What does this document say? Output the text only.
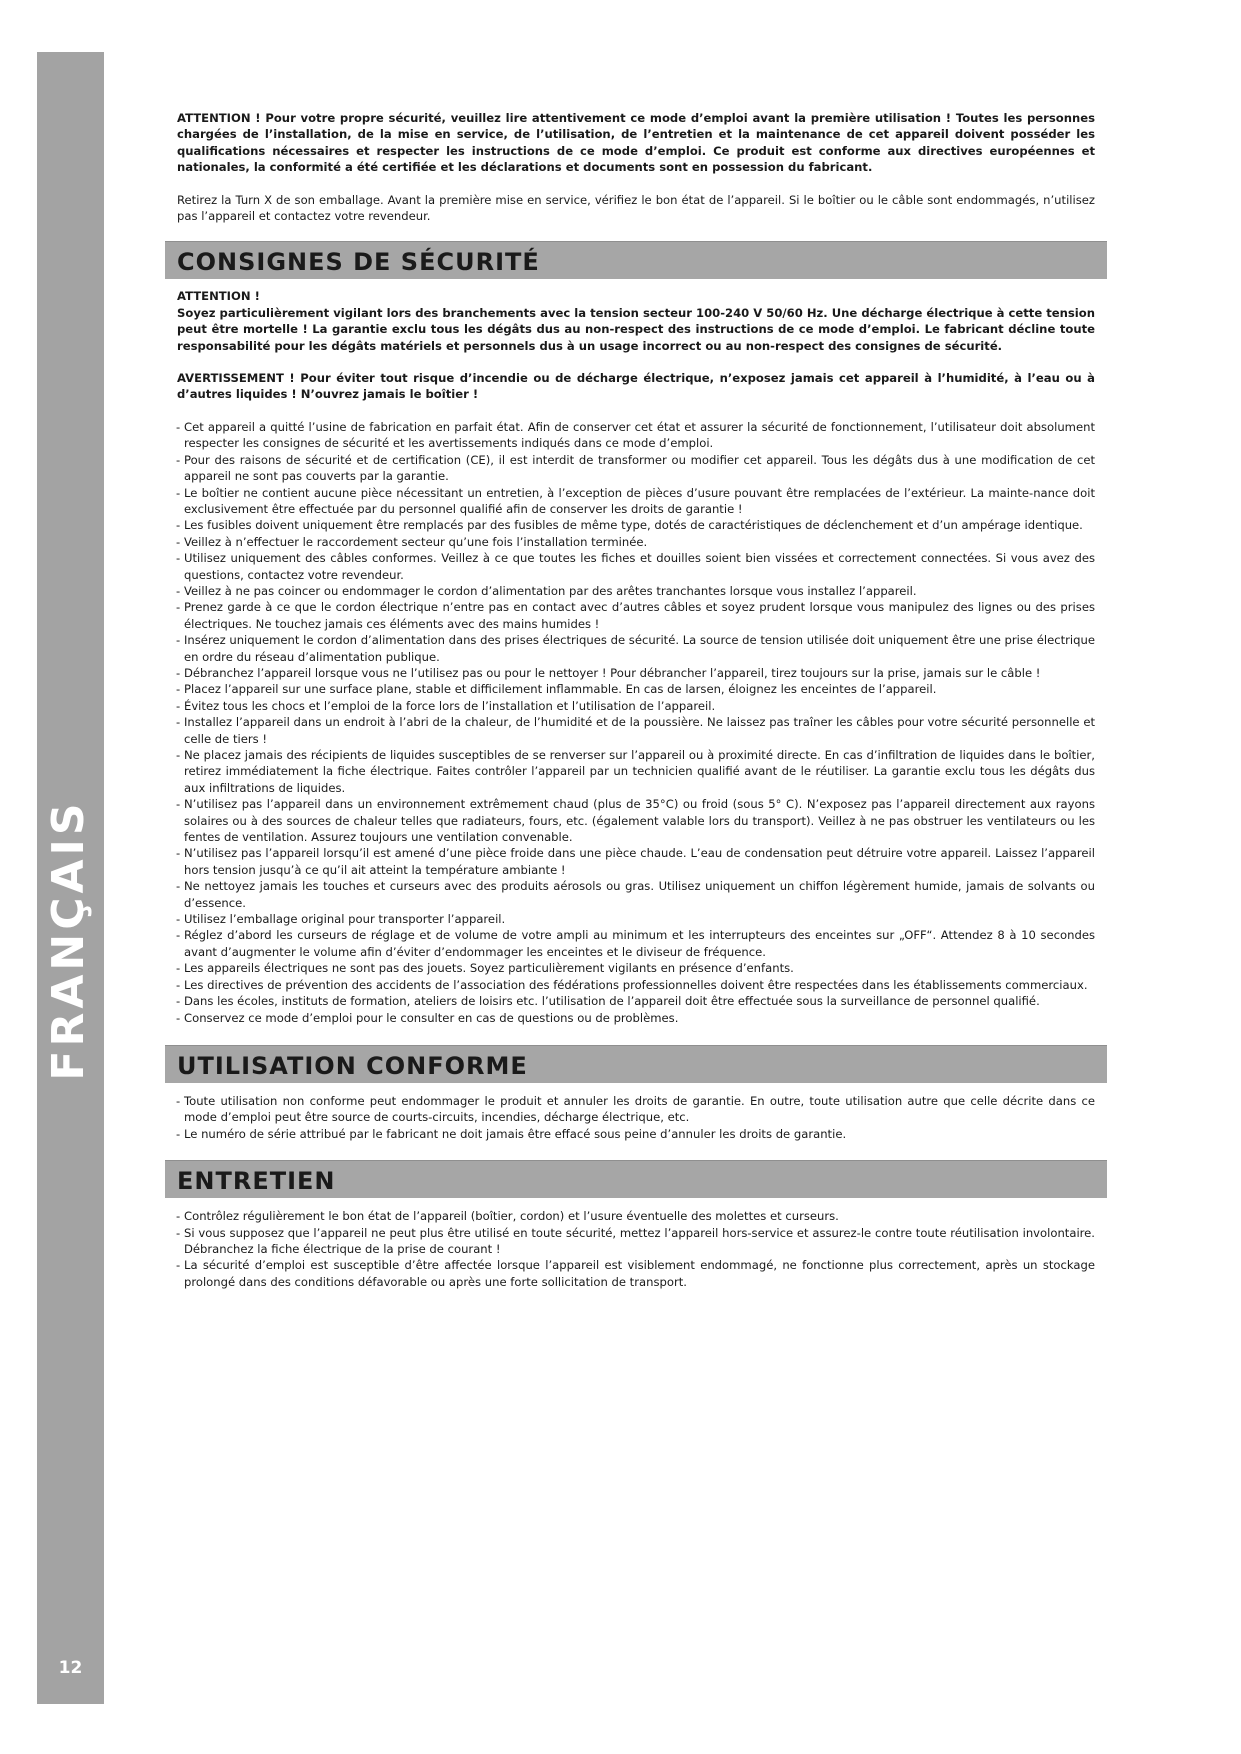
FRANÇAIS
12

ATTENTION ! Pour votre propre sécurité, veuillez lire attentivement ce mode d’emploi avant la première utilisation ! Toutes les personnes chargées de l’installation, de la mise en service, de l’utilisation, de l’entretien et la maintenance de cet appareil doivent posséder les qualifications nécessaires et respecter les instructions de ce mode d’emploi. Ce produit est conforme aux directives européennes et nationales, la conformité a été certifiée et les déclarations et documents sont en possession du fabricant.

Retirez la Turn X de son emballage. Avant la première mise en service, vérifiez le bon état de l’appareil. Si le boîtier ou le câble sont endommagés, n’utilisez pas l’appareil et contactez votre revendeur.

CONSIGNES DE SÉCURITÉ

ATTENTION !

Soyez particulièrement vigilant lors des branchements avec la tension secteur 100-240 V 50/60 Hz. Une décharge électrique à cette tension peut être mortelle ! La garantie exclu tous les dégâts dus au non-respect des instructions de ce mode d’emploi. Le fabricant décline toute responsabilité pour les dégâts matériels et personnels dus à un usage incorrect ou au non-respect des consignes de sécurité.

AVERTISSEMENT ! Pour éviter tout risque d’incendie ou de décharge électrique, n’exposez jamais cet appareil à l’humidité, à l’eau ou à d’autres liquides ! N’ouvrez jamais le boîtier !

- Cet appareil a quitté l’usine de fabrication en parfait état. Afin de conserver cet état et assurer la sécurité de fonctionnement, l’utilisateur doit absolument respecter les consignes de sécurité et les avertissements indiqués dans ce mode d’emploi.
- Pour des raisons de sécurité et de certification (CE), il est interdit de transformer ou modifier cet appareil. Tous les dégâts dus à une modification de cet appareil ne sont pas couverts par la garantie.
- Le boîtier ne contient aucune pièce nécessitant un entretien, à l’exception de pièces d’usure pouvant être remplacées de l’extérieur. La mainte-nance doit exclusivement être effectuée par du personnel qualifié afin de conserver les droits de garantie !
- Les fusibles doivent uniquement être remplacés par des fusibles de même type, dotés de caractéristiques de déclenchement et d’un ampérage identique.
- Veillez à n’effectuer le raccordement secteur qu’une fois l’installation terminée.
- Utilisez uniquement des câbles conformes. Veillez à ce que toutes les fiches et douilles soient bien vissées et correctement connectées. Si vous avez des questions, contactez votre revendeur.
- Veillez à ne pas coincer ou endommager le cordon d’alimentation par des arêtes tranchantes lorsque vous installez l’appareil.
- Prenez garde à ce que le cordon électrique n’entre pas en contact avec d’autres câbles et soyez prudent lorsque vous manipulez des lignes ou des prises électriques. Ne touchez jamais ces éléments avec des mains humides !
- Insérez uniquement le cordon d’alimentation dans des prises électriques de sécurité. La source de tension utilisée doit uniquement être une prise électrique en ordre du réseau d’alimentation publique.
- Débranchez l’appareil lorsque vous ne l’utilisez pas ou pour le nettoyer ! Pour débrancher l’appareil, tirez toujours sur la prise, jamais sur le câble !
- Placez l’appareil sur une surface plane, stable et difficilement inflammable. En cas de larsen, éloignez les enceintes de l’appareil.
- Évitez tous les chocs et l’emploi de la force lors de l’installation et l’utilisation de l’appareil.
- Installez l’appareil dans un endroit à l’abri de la chaleur, de l’humidité et de la poussière. Ne laissez pas traîner les câbles pour votre sécurité personnelle et celle de tiers !
- Ne placez jamais des récipients de liquides susceptibles de se renverser sur l’appareil ou à proximité directe. En cas d’infiltration de liquides dans le boîtier, retirez immédiatement la fiche électrique. Faites contrôler l’appareil par un technicien qualifié avant de le réutiliser. La garantie exclu tous les dégâts dus aux infiltrations de liquides.
- N’utilisez pas l’appareil dans un environnement extrêmement chaud (plus de 35°C) ou froid (sous 5° C). N’exposez pas l’appareil directement aux rayons solaires ou à des sources de chaleur telles que radiateurs, fours, etc. (également valable lors du transport). Veillez à ne pas obstruer les ventilateurs ou les fentes de ventilation. Assurez toujours une ventilation convenable.
- N’utilisez pas l’appareil lorsqu’il est amené d’une pièce froide dans une pièce chaude. L’eau de condensation peut détruire votre appareil. Laissez l’appareil hors tension jusqu’à ce qu’il ait atteint la température ambiante !
- Ne nettoyez jamais les touches et curseurs avec des produits aérosols ou gras. Utilisez uniquement un chiffon légèrement humide, jamais de solvants ou d’essence.
- Utilisez l’emballage original pour transporter l’appareil.
- Réglez d’abord les curseurs de réglage et de volume de votre ampli au minimum et les interrupteurs des enceintes sur „OFF“. Attendez 8 à 10 secondes avant d’augmenter le volume afin d’éviter d’endommager les enceintes et le diviseur de fréquence.
- Les appareils électriques ne sont pas des jouets. Soyez particulièrement vigilants en présence d’enfants.
- Les directives de prévention des accidents de l’association des fédérations professionnelles doivent être respectées dans les établissements commerciaux.
- Dans les écoles, instituts de formation, ateliers de loisirs etc. l’utilisation de l’appareil doit être effectuée sous la surveillance de personnel qualifié.
- Conservez ce mode d’emploi pour le consulter en cas de questions ou de problèmes.
UTILISATION CONFORME
- Toute utilisation non conforme peut endommager le produit et annuler les droits de garantie. En outre, toute utilisation autre que celle décrite dans ce mode d’emploi peut être source de courts-circuits, incendies, décharge électrique, etc.
- Le numéro de série attribué par le fabricant ne doit jamais être effacé sous peine d’annuler les droits de garantie.
ENTRETIEN
- Contrôlez régulièrement le bon état de l’appareil (boîtier, cordon) et l’usure éventuelle des molettes et curseurs.
- Si vous supposez que l’appareil ne peut plus être utilisé en toute sécurité, mettez l’appareil hors-service et assurez-le contre toute réutilisation involontaire. Débranchez la fiche électrique de la prise de courant !
- La sécurité d’emploi est susceptible d’être affectée lorsque l’appareil est visiblement endommagé, ne fonctionne plus correctement, après un stockage prolongé dans des conditions défavorable ou après une forte sollicitation de transport.
